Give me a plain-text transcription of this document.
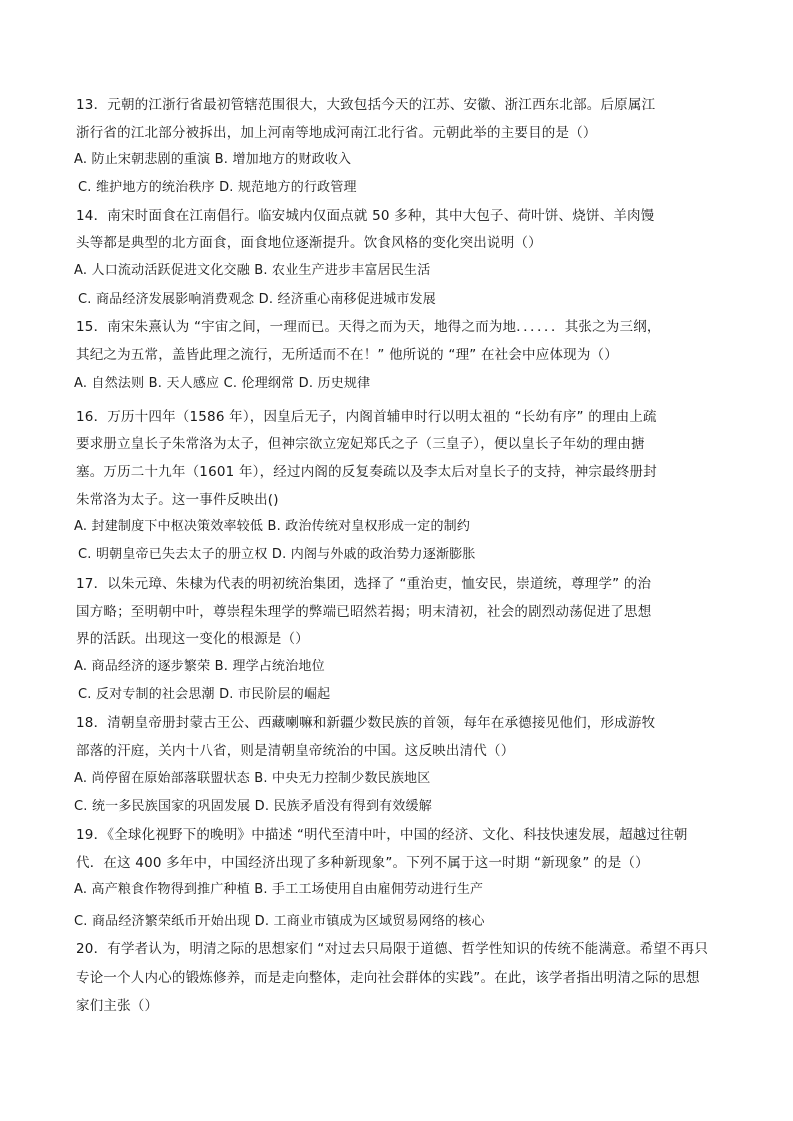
13．元朝的江浙行省最初管辖范围很大，大致包括今天的江苏、安徽、浙江西东北部。后原属江
浙行省的江北部分被拆出，加上河南等地成河南江北行省。元朝此举的主要目的是（）
A. 防止宋朝悲剧的重演 B. 增加地方的财政收入
C. 维护地方的统治秩序 D. 规范地方的行政管理
14．南宋时面食在江南倡行。临安城内仅面点就 50 多种，其中大包子、荷叶饼、烧饼、羊肉馒
头等都是典型的北方面食，面食地位逐渐提升。饮食风格的变化突出说明（）
A. 人口流动活跃促进文化交融 B. 农业生产进步丰富居民生活
C. 商品经济发展影响消费观念 D. 经济重心南移促进城市发展
15．南宋朱熹认为 “宇宙之间，一理而已。天得之而为天，地得之而为地．．．．．．其张之为三纲，
其纪之为五常，盖皆此理之流行，无所适而不在！” 他所说的 “理” 在社会中应体现为（）
A. 自然法则 B. 天人感应 C. 伦理纲常 D. 历史规律
16．万历十四年（1586 年），因皇后无子，内阁首辅申时行以明太祖的 “长幼有序” 的理由上疏
要求册立皇长子朱常洛为太子，但神宗欲立宠妃郑氏之子（三皇子），便以皇长子年幼的理由搪
塞。万历二十九年（1601 年），经过内阁的反复奏疏以及李太后对皇长子的支持，神宗最终册封
朱常洛为太子。这一事件反映出()
A. 封建制度下中枢决策效率较低 B. 政治传统对皇权形成一定的制约
C. 明朝皇帝已失去太子的册立权 D. 内阁与外戚的政治势力逐渐膨胀
17．以朱元璋、朱棣为代表的明初统治集团，选择了 “重治吏，恤安民，崇道统，尊理学” 的治
国方略；至明朝中叶，尊崇程朱理学的弊端已昭然若揭；明末清初，社会的剧烈动荡促进了思想
界的活跃。出现这一变化的根源是（）
A. 商品经济的逐步繁荣 B. 理学占统治地位
C. 反对专制的社会思潮 D. 市民阶层的崛起
18．清朝皇帝册封蒙古王公、西藏喇嘛和新疆少数民族的首领，每年在承德接见他们，形成游牧
部落的汗庭，关内十八省，则是清朝皇帝统治的中国。这反映出清代（）
A. 尚停留在原始部落联盟状态 B. 中央无力控制少数民族地区
C. 统一多民族国家的巩固发展 D. 民族矛盾没有得到有效缓解
19．《全球化视野下的晚明》中描述 “明代至清中叶，中国的经济、文化、科技快速发展，超越过往朝
代．在这 400 多年中，中国经济出现了多种新现象”。下列不属于这一时期 “新现象” 的是（）
A. 高产粮食作物得到推广种植 B. 手工工场使用自由雇佣劳动进行生产
C. 商品经济繁荣纸币开始出现 D. 工商业市镇成为区域贸易网络的核心
20．有学者认为，明清之际的思想家们 “对过去只局限于道德、哲学性知识的传统不能满意。希望不再只
专论一个人内心的锻炼修养，而是走向整体，走向社会群体的实践”。在此，该学者指出明清之际的思想
家们主张（）
